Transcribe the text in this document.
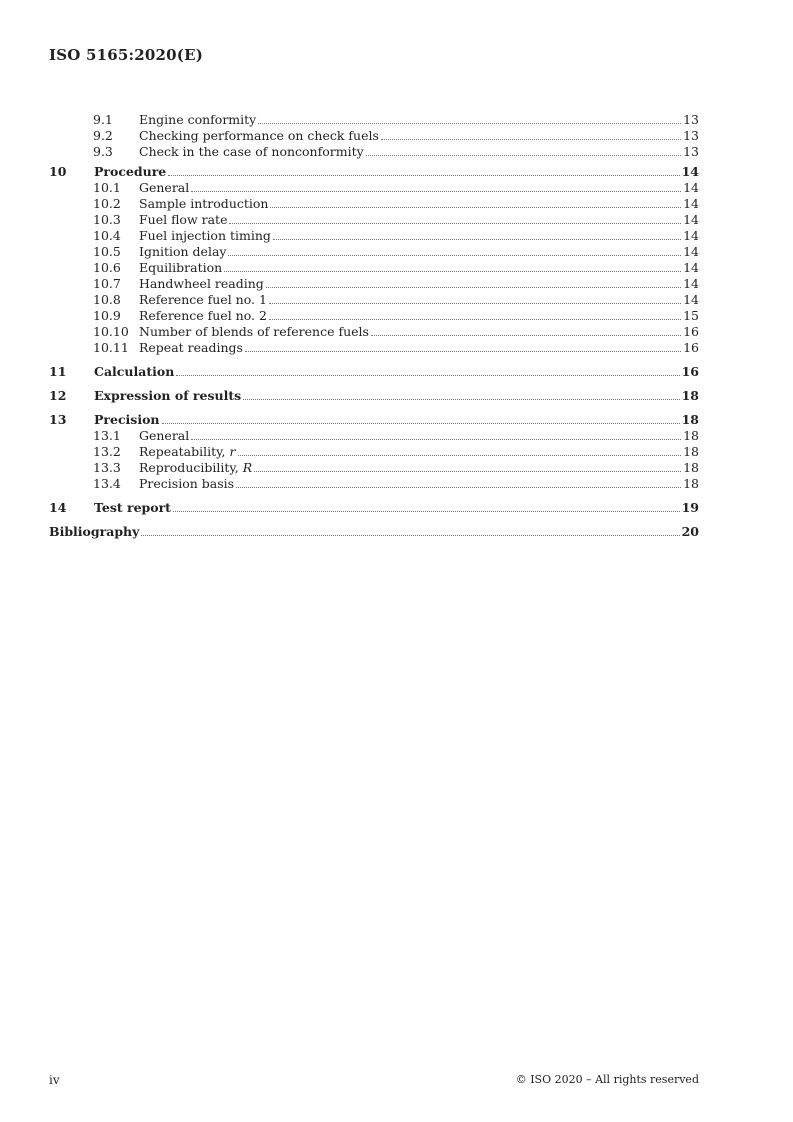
ISO 5165:2020(E)
9.1 Engine conformity	13
9.2 Checking performance on check fuels	13
9.3 Check in the case of nonconformity	13
10 Procedure	14
10.1 General	14
10.2 Sample introduction	14
10.3 Fuel flow rate	14
10.4 Fuel injection timing	14
10.5 Ignition delay	14
10.6 Equilibration	14
10.7 Handwheel reading	14
10.8 Reference fuel no. 1	14
10.9 Reference fuel no. 2	15
10.10 Number of blends of reference fuels	16
10.11 Repeat readings	16
11 Calculation	16
12 Expression of results	18
13 Precision	18
13.1 General	18
13.2 Repeatability, r	18
13.3 Reproducibility, R	18
13.4 Precision basis	18
14 Test report	19
Bibliography	20
iv	© ISO 2020 – All rights reserved
